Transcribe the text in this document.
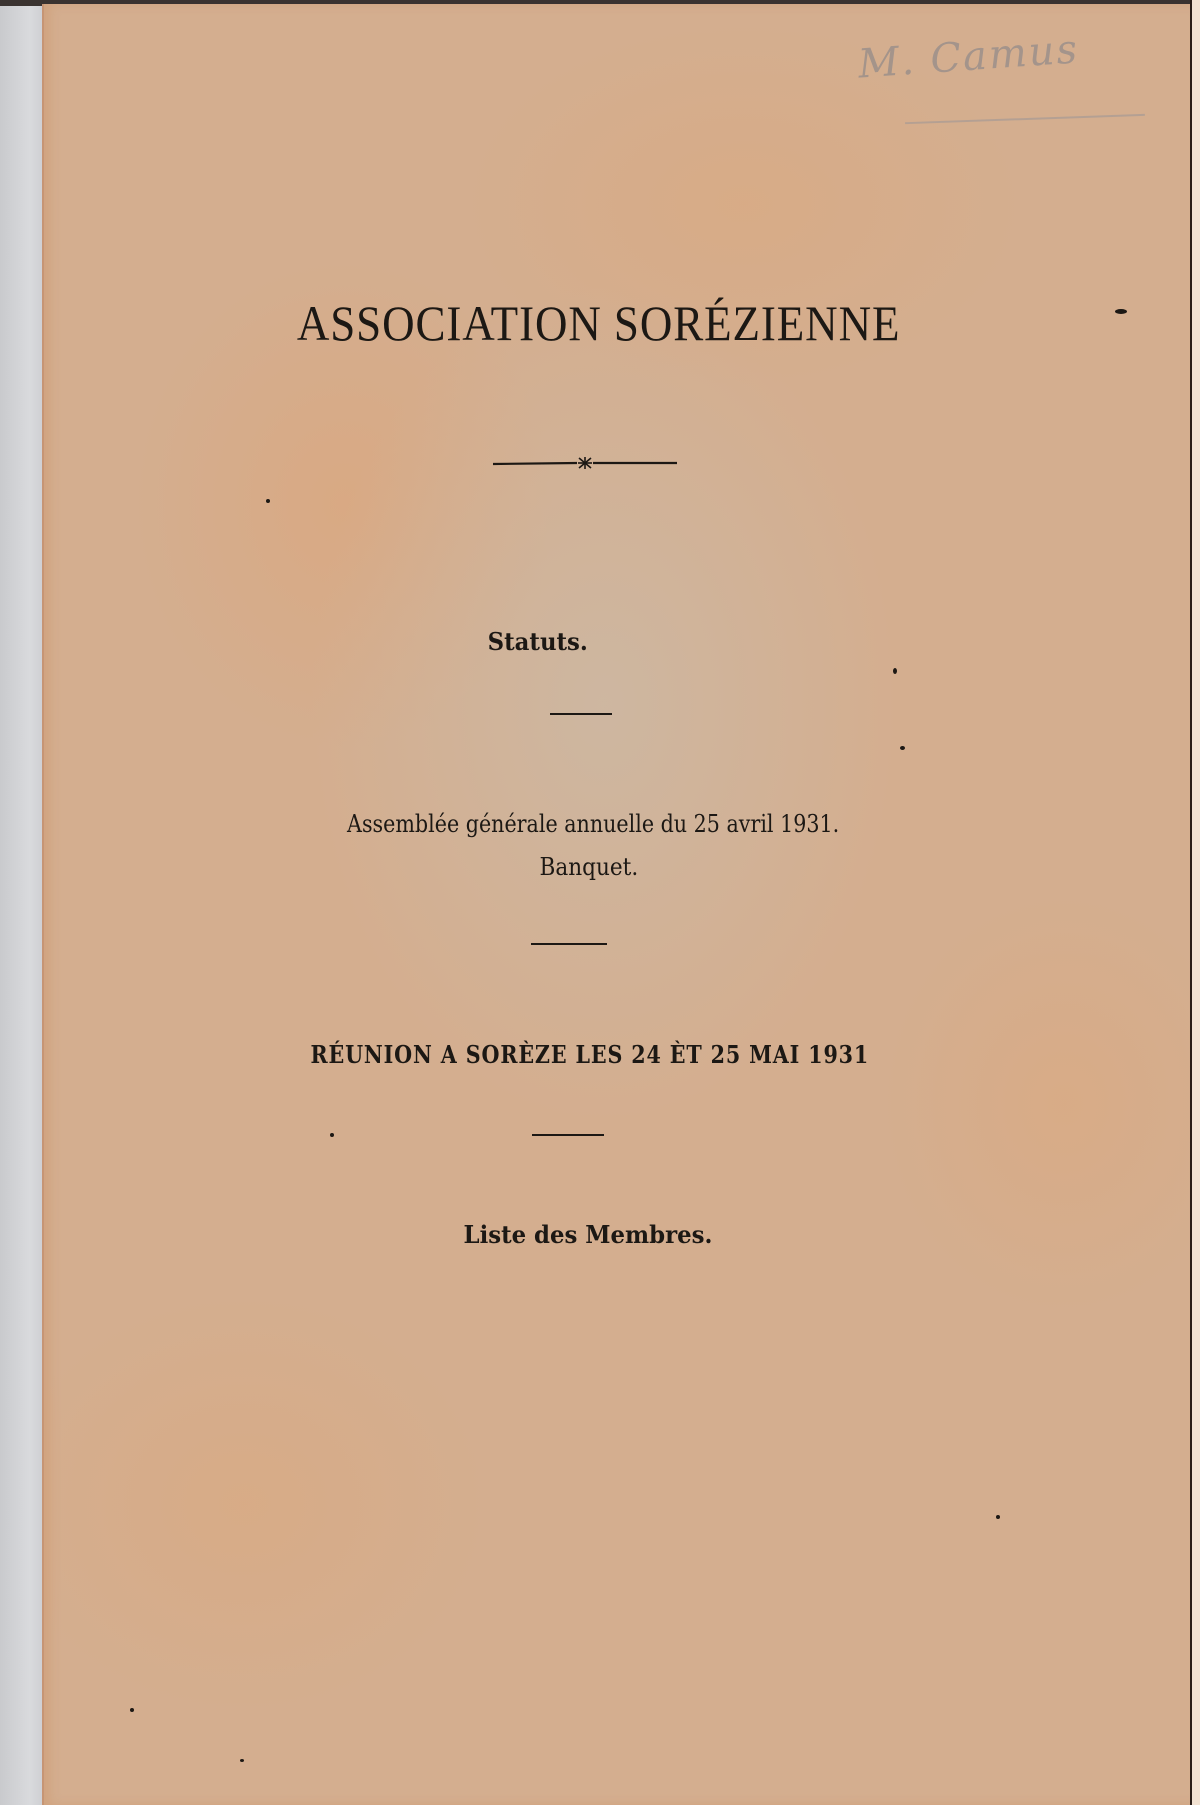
M. Camus
ASSOCIATION SORÉZIENNE
Statuts.
Assemblée générale annuelle du 25 avril 1931.
Banquet.
RÉUNION A SORÈZE LES 24 ÈT 25 MAI 1931
Liste des Membres.
